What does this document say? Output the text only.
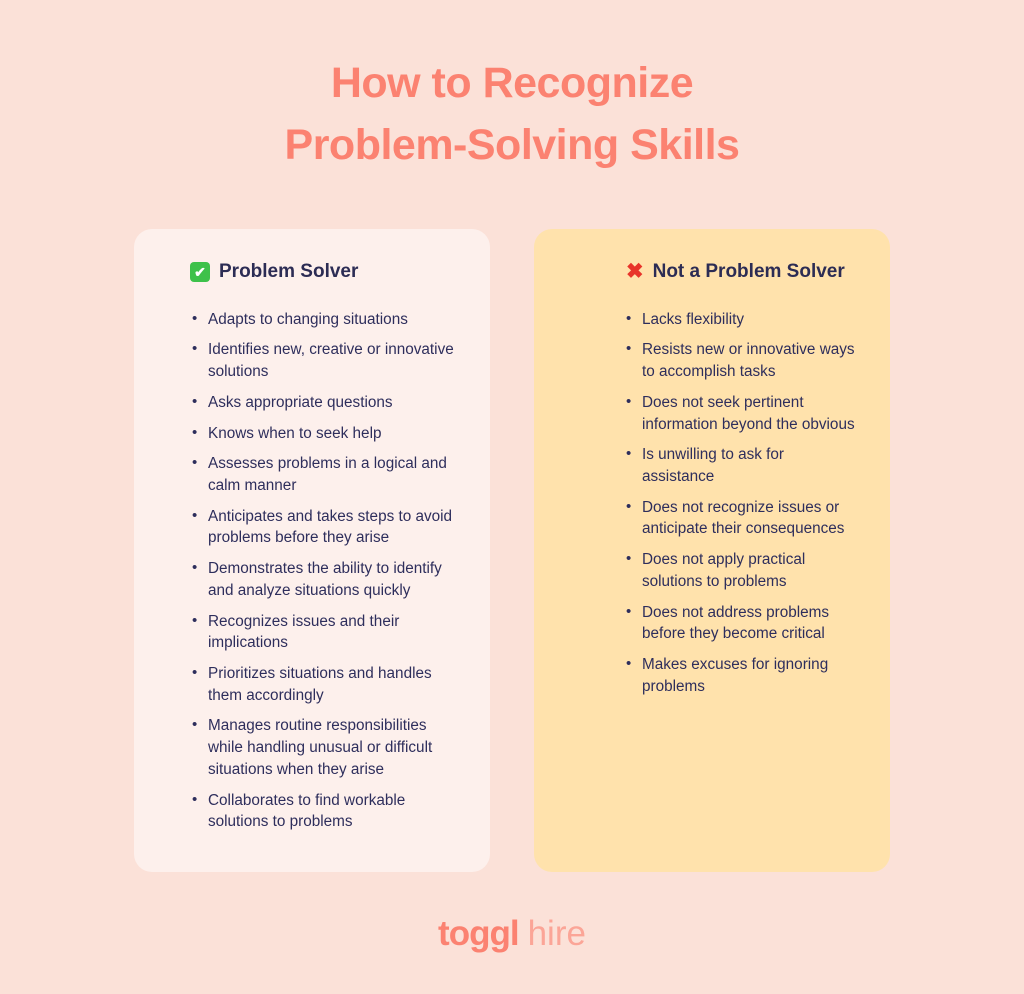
How to Recognize
Problem-Solving Skills
✔ Problem Solver
• Adapts to changing situations
• Identifies new, creative or innovative solutions
• Asks appropriate questions
• Knows when to seek help
• Assesses problems in a logical and calm manner
• Anticipates and takes steps to avoid problems before they arise
• Demonstrates the ability to identify and analyze situations quickly
• Recognizes issues and their implications
• Prioritizes situations and handles them accordingly
• Manages routine responsibilities while handling unusual or difficult situations when they arise
• Collaborates to find workable solutions to problems
✖ Not a Problem Solver
• Lacks flexibility
• Resists new or innovative ways to accomplish tasks
• Does not seek pertinent information beyond the obvious
• Is unwilling to ask for assistance
• Does not recognize issues or anticipate their consequences
• Does not apply practical solutions to problems
• Does not address problems before they become critical
• Makes excuses for ignoring problems
toggl hire
